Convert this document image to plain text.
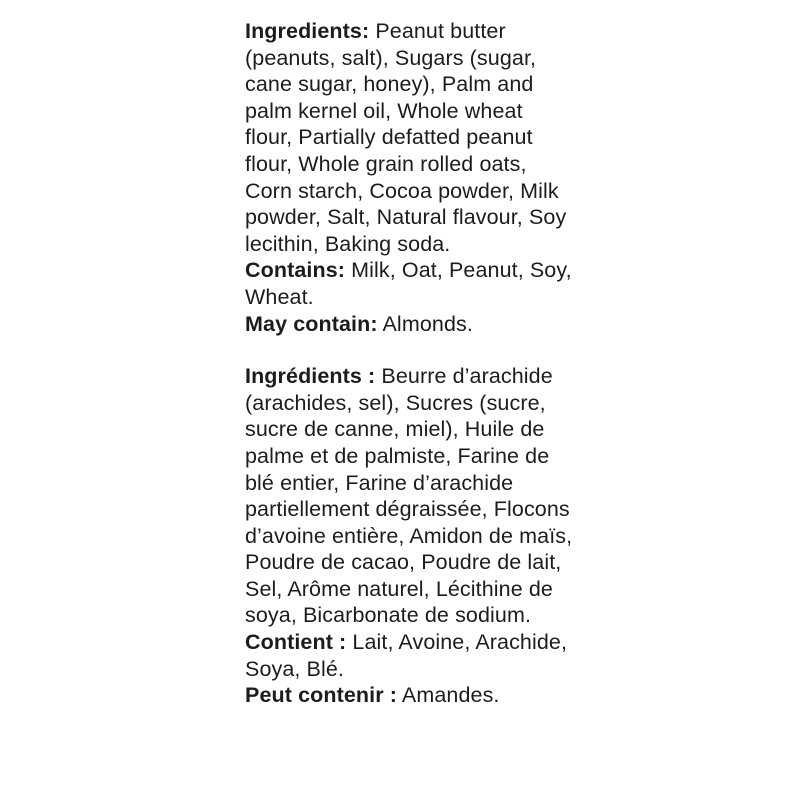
Ingredients: Peanut butter (peanuts, salt), Sugars (sugar, cane sugar, honey), Palm and palm kernel oil, Whole wheat flour, Partially defatted peanut flour, Whole grain rolled oats, Corn starch, Cocoa powder, Milk powder, Salt, Natural flavour, Soy lecithin, Baking soda.

Contains: Milk, Oat, Peanut, Soy, Wheat.

May contain: Almonds.

Ingrédients : Beurre d’arachide (arachides, sel), Sucres (sucre, sucre de canne, miel), Huile de palme et de palmiste, Farine de blé entier, Farine d’arachide partiellement dégraissée, Flocons d’avoine entière, Amidon de maïs, Poudre de cacao, Poudre de lait, Sel, Arôme naturel, Lécithine de soya, Bicarbonate de sodium.

Contient : Lait, Avoine, Arachide, Soya, Blé.

Peut contenir : Amandes.
